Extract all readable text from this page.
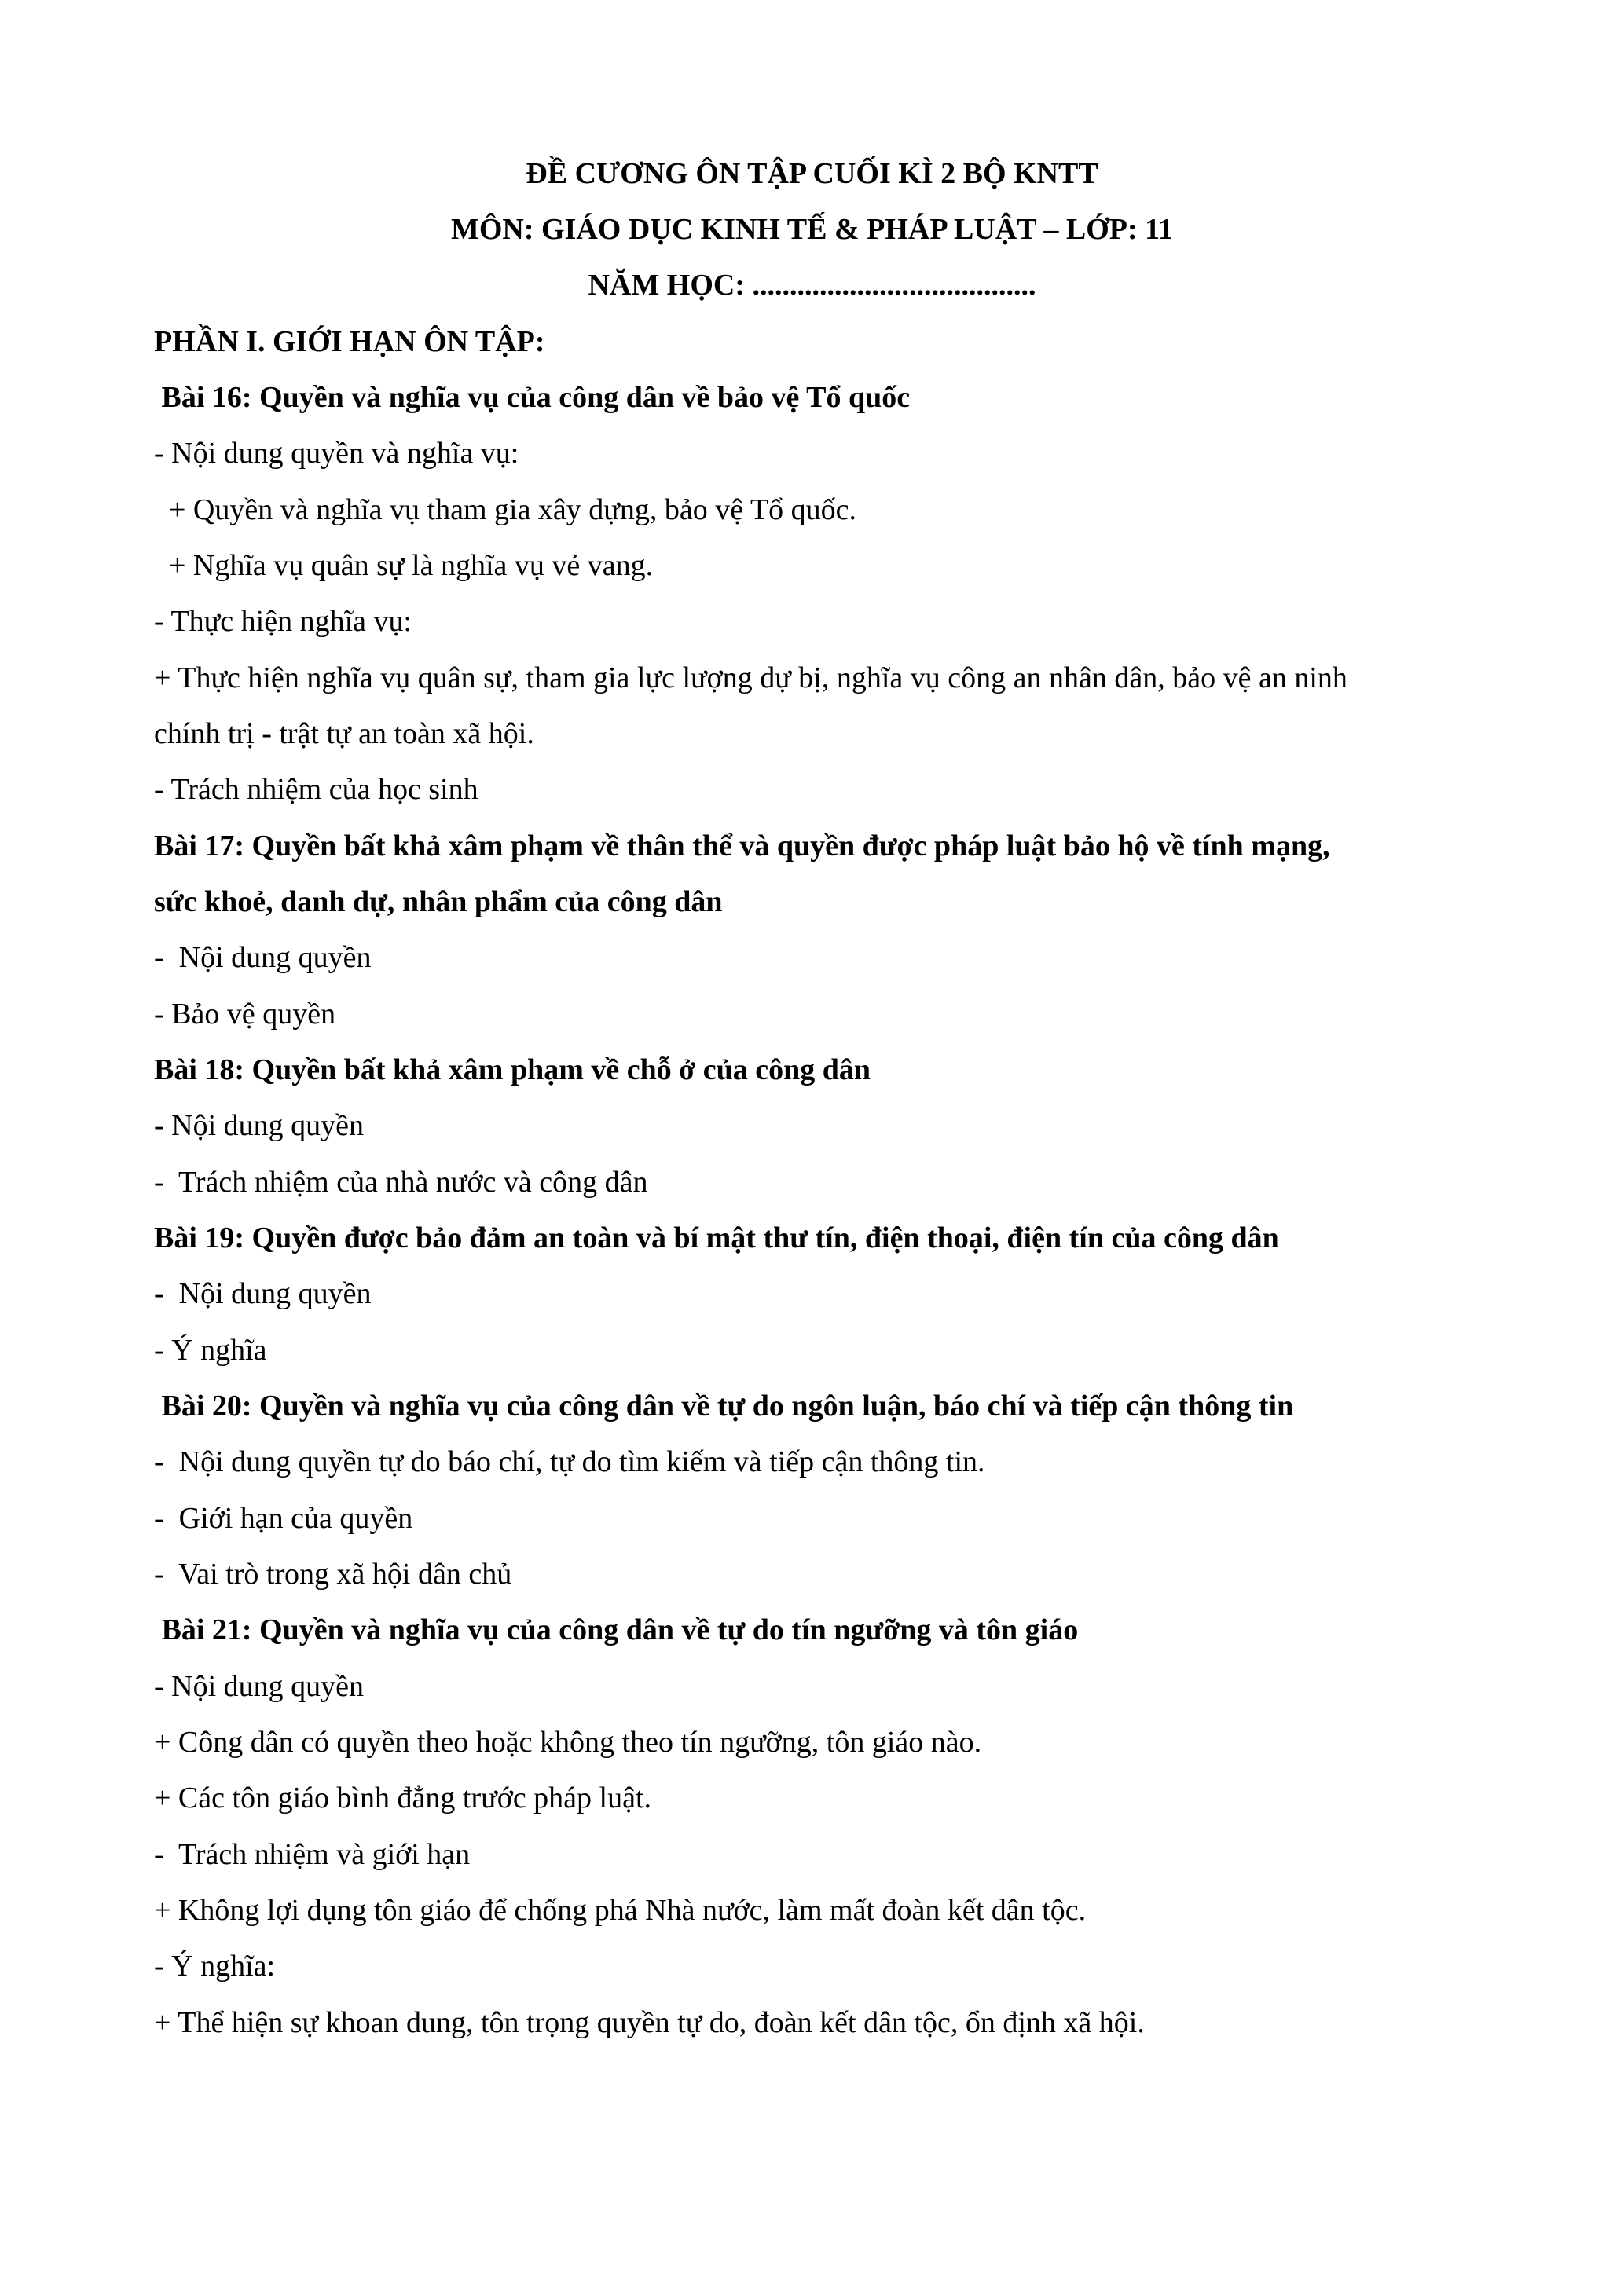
ĐỀ CƯƠNG ÔN TẬP CUỐI KÌ 2 BỘ KNTT
MÔN: GIÁO DỤC KINH TẾ & PHÁP LUẬT – LỚP: 11
NĂM HỌC: ......................................
PHẦN I. GIỚI HẠN ÔN TẬP:
Bài 16: Quyền và nghĩa vụ của công dân về bảo vệ Tổ quốc
- Nội dung quyền và nghĩa vụ:
+ Quyền và nghĩa vụ tham gia xây dựng, bảo vệ Tổ quốc.
+ Nghĩa vụ quân sự là nghĩa vụ vẻ vang.
- Thực hiện nghĩa vụ:
+ Thực hiện nghĩa vụ quân sự, tham gia lực lượng dự bị, nghĩa vụ công an nhân dân, bảo vệ an ninh
chính trị - trật tự an toàn xã hội.
- Trách nhiệm của học sinh
Bài 17: Quyền bất khả xâm phạm về thân thể và quyền được pháp luật bảo hộ về tính mạng,
sức khoẻ, danh dự, nhân phẩm của công dân
-  Nội dung quyền
- Bảo vệ quyền
Bài 18: Quyền bất khả xâm phạm về chỗ ở của công dân
- Nội dung quyền
-  Trách nhiệm của nhà nước và công dân
Bài 19: Quyền được bảo đảm an toàn và bí mật thư tín, điện thoại, điện tín của công dân
-  Nội dung quyền
- Ý nghĩa
Bài 20: Quyền và nghĩa vụ của công dân về tự do ngôn luận, báo chí và tiếp cận thông tin
-  Nội dung quyền tự do báo chí, tự do tìm kiếm và tiếp cận thông tin.
-  Giới hạn của quyền
-  Vai trò trong xã hội dân chủ
Bài 21: Quyền và nghĩa vụ của công dân về tự do tín ngưỡng và tôn giáo
- Nội dung quyền
+ Công dân có quyền theo hoặc không theo tín ngưỡng, tôn giáo nào.
+ Các tôn giáo bình đẳng trước pháp luật.
-  Trách nhiệm và giới hạn
+ Không lợi dụng tôn giáo để chống phá Nhà nước, làm mất đoàn kết dân tộc.
- Ý nghĩa:
+ Thể hiện sự khoan dung, tôn trọng quyền tự do, đoàn kết dân tộc, ổn định xã hội.
